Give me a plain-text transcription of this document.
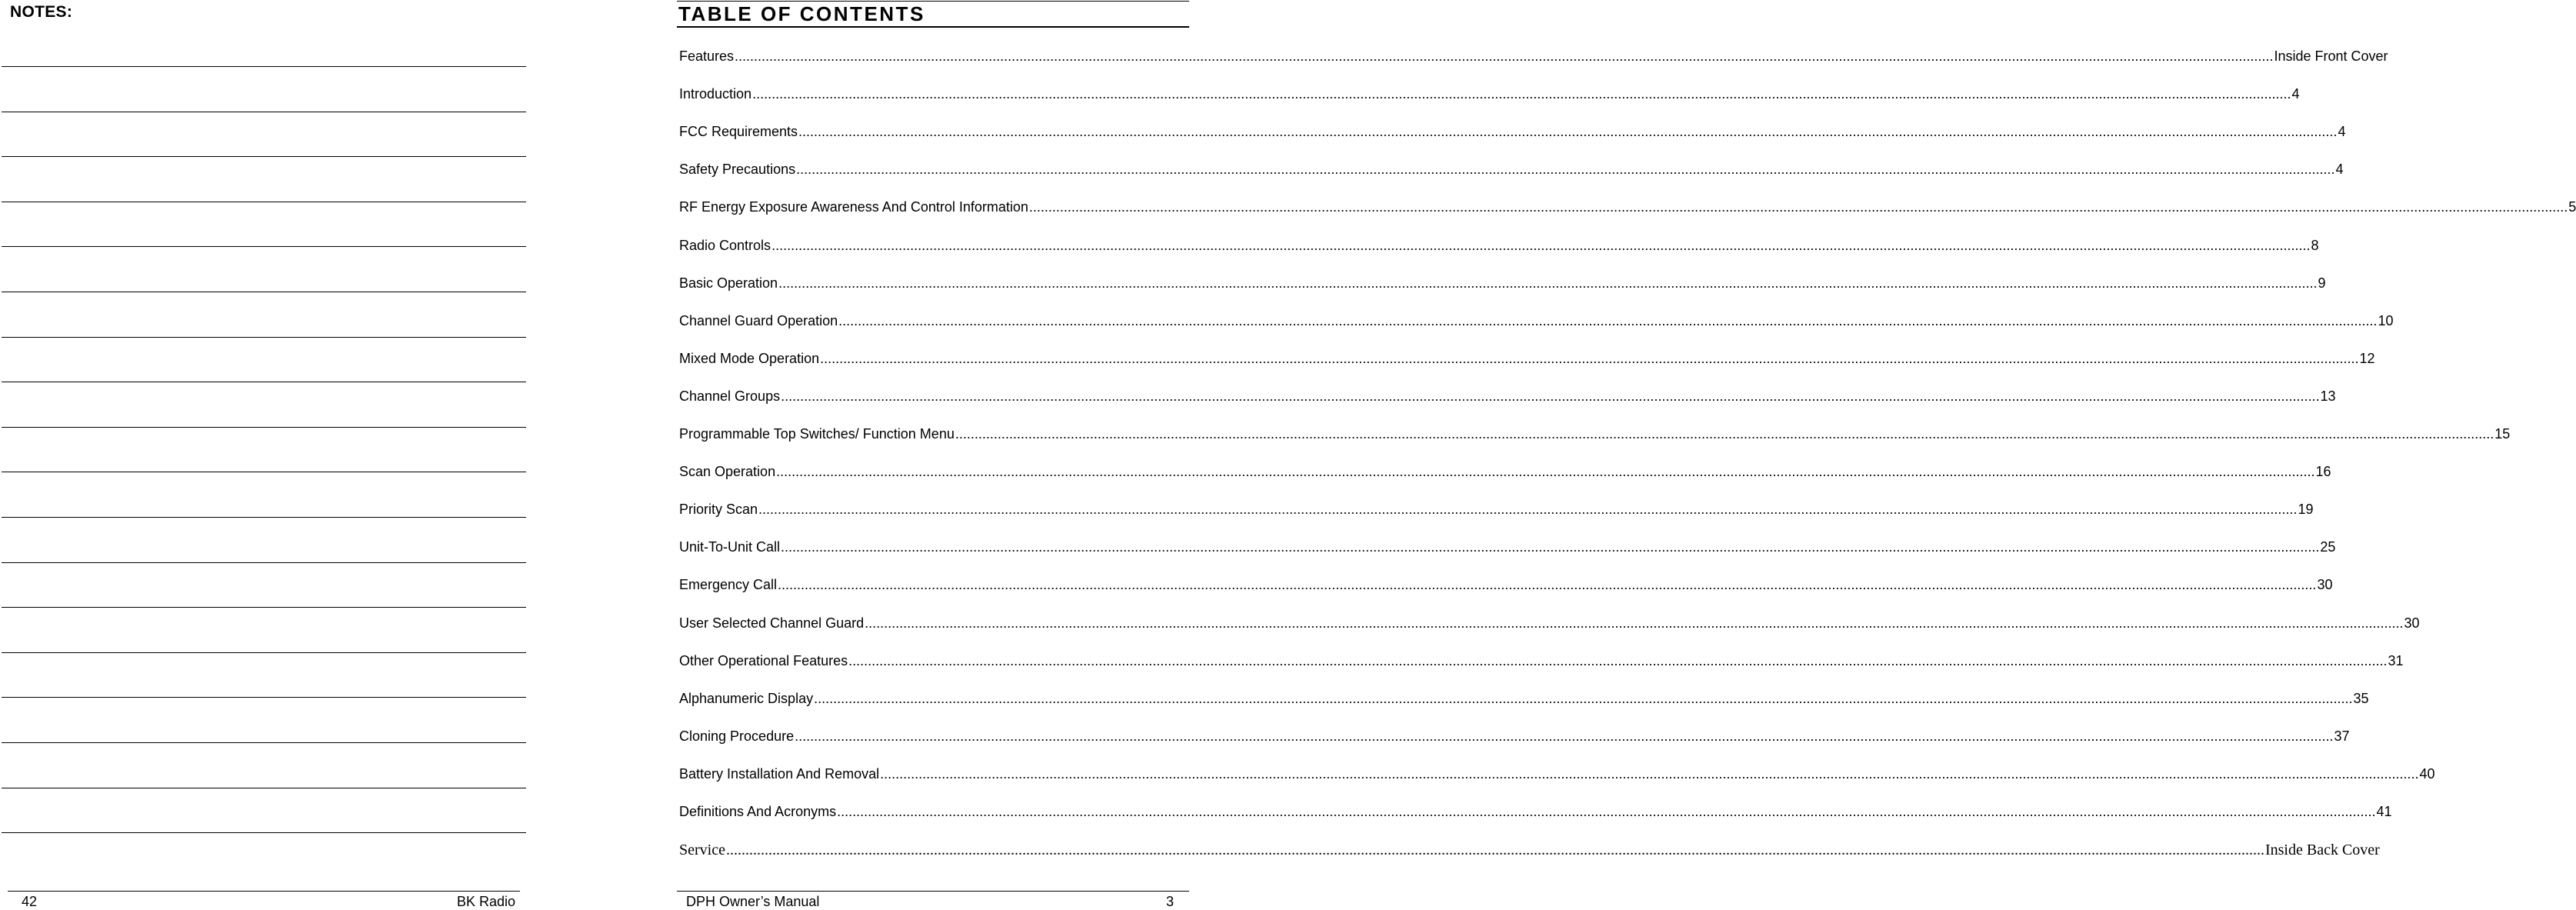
NOTES:
42	BK Radio
TABLE OF CONTENTS
Features ................................................................................................................................................................................................................................................................................................................................................................................................................ Inside Front Cover
Introduction ................................................................................................................................................................................................................................................................................................................................................................................................................ 4
FCC Requirements ................................................................................................................................................................................................................................................................................................................................................................................................................ 4
Safety Precautions ................................................................................................................................................................................................................................................................................................................................................................................................................ 4
RF Energy Exposure Awareness And Control Information ................................................................................................................................................................................................................................................................................................................................................................................................................ 5
Radio Controls ................................................................................................................................................................................................................................................................................................................................................................................................................ 8
Basic Operation ................................................................................................................................................................................................................................................................................................................................................................................................................ 9
Channel Guard Operation ................................................................................................................................................................................................................................................................................................................................................................................................................ 10
Mixed Mode Operation ................................................................................................................................................................................................................................................................................................................................................................................................................ 12
Channel Groups ................................................................................................................................................................................................................................................................................................................................................................................................................ 13
Programmable Top Switches/ Function Menu ................................................................................................................................................................................................................................................................................................................................................................................................................ 15
Scan Operation ................................................................................................................................................................................................................................................................................................................................................................................................................ 16
Priority Scan ................................................................................................................................................................................................................................................................................................................................................................................................................ 19
Unit-To-Unit Call ................................................................................................................................................................................................................................................................................................................................................................................................................ 25
Emergency Call ................................................................................................................................................................................................................................................................................................................................................................................................................ 30
User Selected Channel Guard ................................................................................................................................................................................................................................................................................................................................................................................................................ 30
Other Operational Features ................................................................................................................................................................................................................................................................................................................................................................................................................ 31
Alphanumeric Display ................................................................................................................................................................................................................................................................................................................................................................................................................ 35
Cloning Procedure ................................................................................................................................................................................................................................................................................................................................................................................................................ 37
Battery Installation And Removal ................................................................................................................................................................................................................................................................................................................................................................................................................ 40
Definitions And Acronyms ................................................................................................................................................................................................................................................................................................................................................................................................................ 41
Service ................................................................................................................................................................................................................................................................................................................................................................................................................ Inside Back Cover
DPH Owner’s Manual	3
